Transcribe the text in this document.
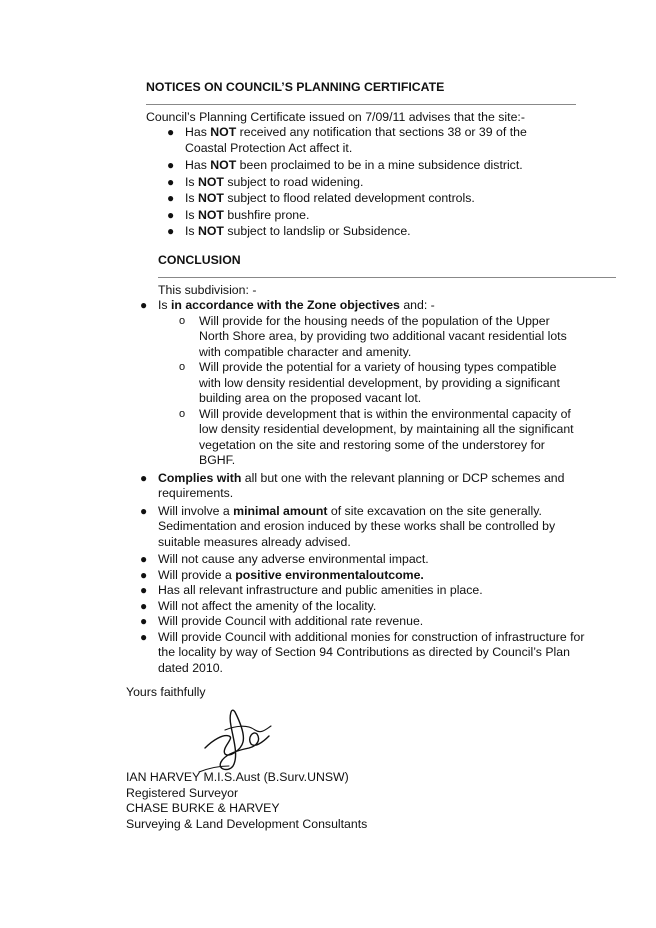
NOTICES ON COUNCIL’S PLANNING CERTIFICATE
Council’s Planning Certificate issued on 7/09/11 advises that the site:-
● Has NOT received any notification that sections 38 or 39 of the Coastal Protection Act affect it.
● Has NOT been proclaimed to be in a mine subsidence district.
● Is NOT subject to road widening.
● Is NOT subject to flood related development controls.
● Is NOT bushfire prone.
● Is NOT subject to landslip or Subsidence.
CONCLUSION
This subdivision: -
● Is in accordance with the Zone objectives and: -
o Will provide for the housing needs of the population of the Upper North Shore area, by providing two additional vacant residential lots with compatible character and amenity.
o Will provide the potential for a variety of housing types compatible with low density residential development, by providing a significant building area on the proposed vacant lot.
o Will provide development that is within the environmental capacity of low density residential development, by maintaining all the significant vegetation on the site and restoring some of the understorey for BGHF.
● Complies with all but one with the relevant planning or DCP schemes and requirements.
● Will involve a minimal amount of site excavation on the site generally. Sedimentation and erosion induced by these works shall be controlled by suitable measures already advised.
● Will not cause any adverse environmental impact.
● Will provide a positive environmentaloutcome.
● Has all relevant infrastructure and public amenities in place.
● Will not affect the amenity of the locality.
● Will provide Council with additional rate revenue.
● Will provide Council with additional monies for construction of infrastructure for the locality by way of Section 94 Contributions as directed by Council’s Plan dated 2010.
Yours faithfully
IAN HARVEY M.I.S.Aust (B.Surv.UNSW)
Registered Surveyor
CHASE BURKE & HARVEY
Surveying & Land Development Consultants
